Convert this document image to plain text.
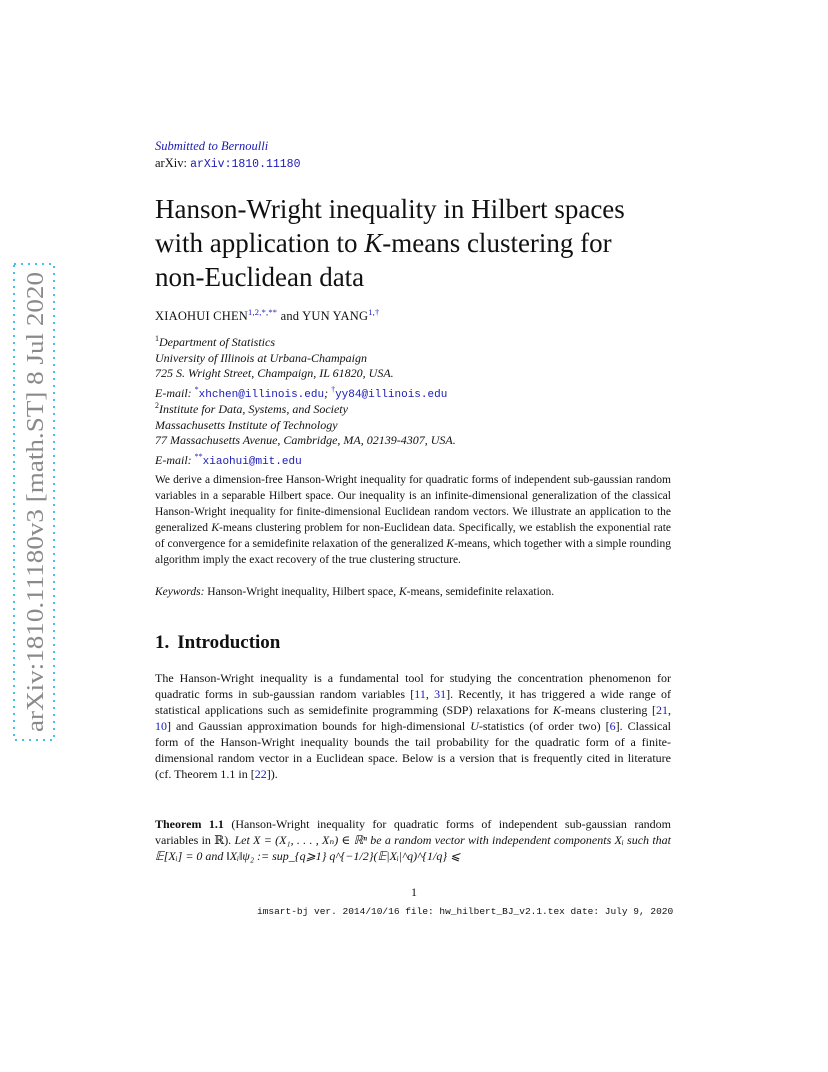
arXiv:1810.11180v3 [math.ST] 8 Jul 2020
Submitted to Bernoulli
arXiv: arXiv:1810.11180
Hanson-Wright inequality in Hilbert spaces
with application to K-means clustering for
non-Euclidean data
XIAOHUI $CHEN^{1,2,*,**}$ and YUN $YANG^{1,\dagger}$
$^1$Department of Statistics
University of Illinois at Urbana-Champaign
725 S. Wright Street, Champaign, IL 61820, USA.
E-mail: *xhchen@illinois.edu; †yy84@illinois.edu
$^2$Institute for Data, Systems, and Society
Massachusetts Institute of Technology
77 Massachusetts Avenue, Cambridge, MA, 02139-4307, USA.
E-mail: **xiaohui@mit.edu

We derive a dimension-free Hanson-Wright inequality for quadratic forms of independent sub-gaussian random variables in a separable Hilbert space. Our inequality is an infinite-dimensional generalization of the classical Hanson-Wright inequality for finite-dimensional Euclidean random vectors. We illustrate an application to the generalized K-means clustering problem for non-Euclidean data. Specifically, we establish the exponential rate of convergence for a semidefinite relaxation of the generalized K-means, which together with a simple rounding algorithm imply the exact recovery of the true clustering structure.

Keywords: Hanson-Wright inequality, Hilbert space, K-means, semidefinite relaxation.
1. Introduction

The Hanson-Wright inequality is a fundamental tool for studying the concentration phenomenon for quadratic forms in sub-gaussian random variables [11, 31]. Recently, it has triggered a wide range of statistical applications such as semidefinite programming (SDP) relaxations for K-means clustering [21, 10] and Gaussian approximation bounds for high-dimensional U-statistics (of order two) [6]. Classical form of the Hanson-Wright inequality bounds the tail probability for the quadratic form of a finite-dimensional random vector in a Euclidean space. Below is a version that is frequently cited in literature (cf. Theorem 1.1 in [22]).

Theorem 1.1 (Hanson-Wright inequality for quadratic forms of independent sub-gaussian random variables in ℝ). Let X = (X₁, . . . , Xₙ) ∈ ℝⁿ be a random vector with independent components Xᵢ such that 𝔼[Xᵢ] = 0 and ‖Xᵢ‖ψ₂ := sup_{q⩾1} q^{−1/2}(𝔼|Xᵢ|^q)^{1/q} ⩽

1
imsart-bj ver. 2014/10/16 file: hw_hilbert_BJ_v2.1.tex date: July 9, 2020
